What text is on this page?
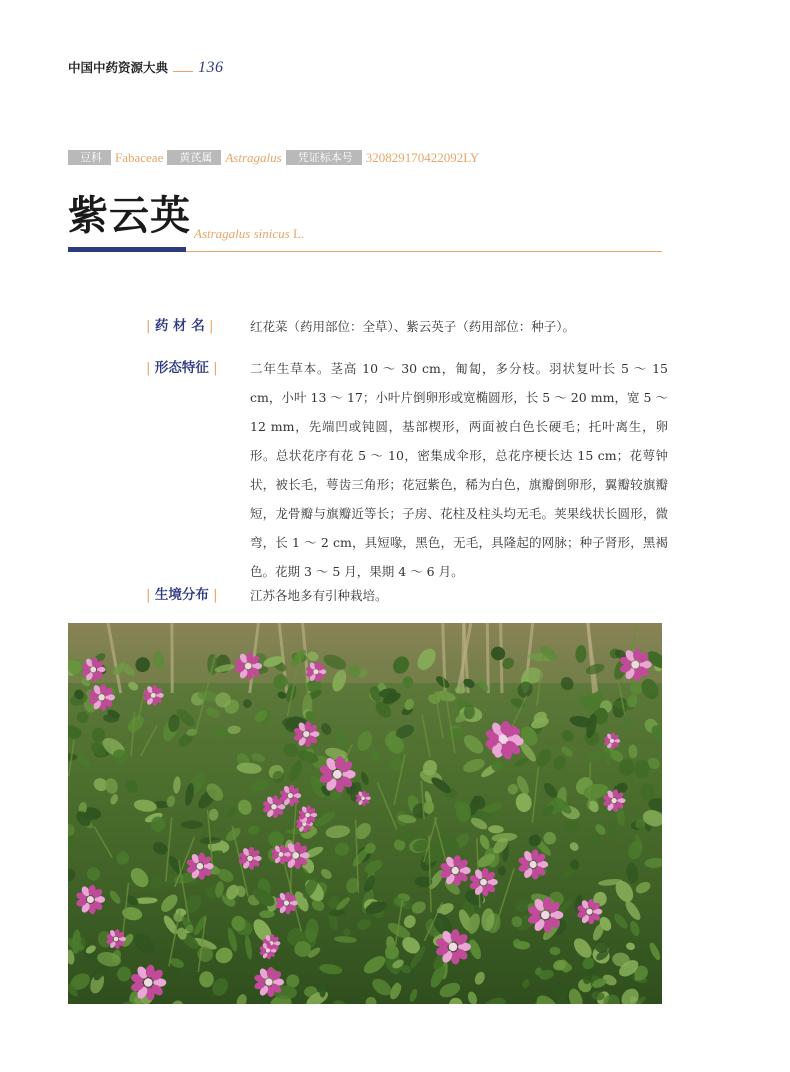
中国中药资源大典 136
豆科	Fabaceae	黄芪属	Astragalus	凭证标本号	320829170422092LY
紫云英 Astragalus sinicus L.
| 药 材 名 |	红花菜（药用部位：全草）、紫云英子（药用部位：种子）。
| 形态特征 |	二年生草本。茎高 10 ～ 30 cm，匍匐，多分枝。羽状复叶长 5 ～ 15 cm，小叶 13 ～ 17；小叶片倒卵形或宽椭圆形，长 5 ～ 20 mm，宽 5 ～ 12 mm，先端凹或钝圆，基部楔形，两面被白色长硬毛；托叶离生，卵形。总状花序有花 5 ～ 10，密集成伞形，总花序梗长达 15 cm；花萼钟状，被长毛，萼齿三角形；花冠紫色，稀为白色，旗瓣倒卵形，翼瓣较旗瓣短，龙骨瓣与旗瓣近等长；子房、花柱及柱头均无毛。荚果线状长圆形，微弯，长 1 ～ 2 cm，具短喙，黑色，无毛，具隆起的网脉；种子肾形，黑褐色。花期 3 ～ 5 月，果期 4 ～ 6 月。
| 生境分布 |	江苏各地多有引种栽培。
